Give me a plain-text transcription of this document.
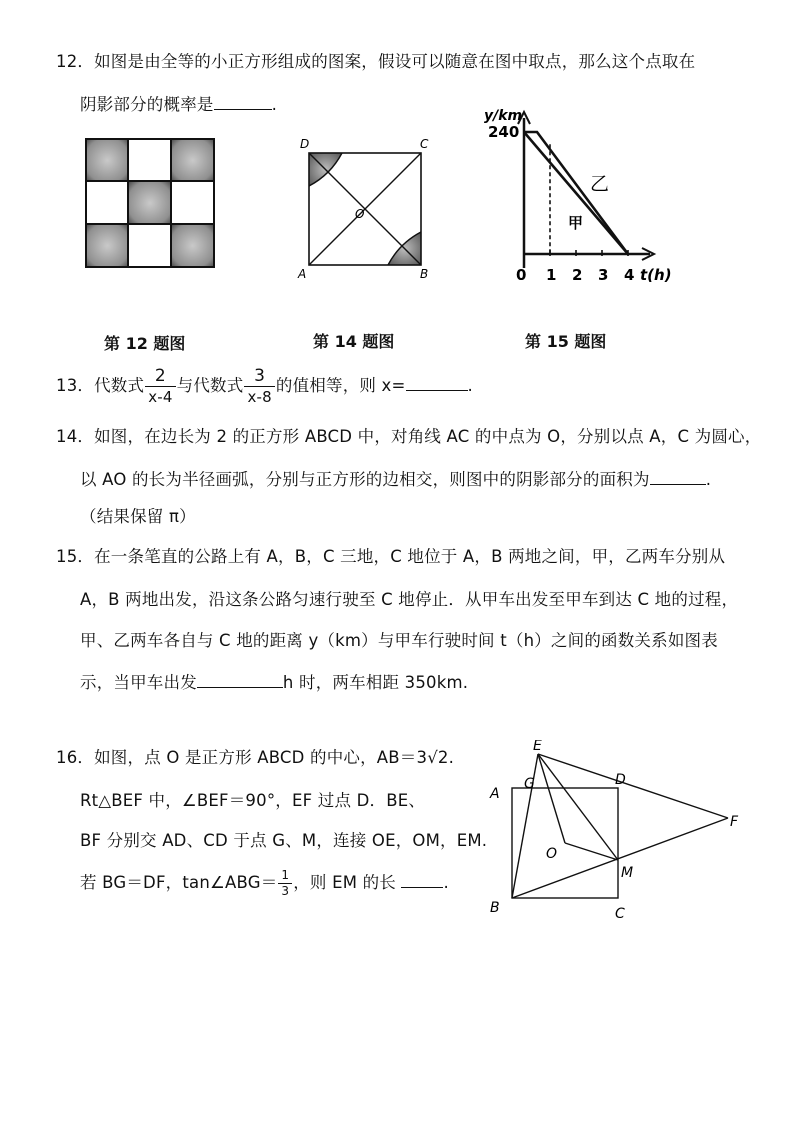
12．如图是由全等的小正方形组成的图案，假设可以随意在图中取点，那么这个点取在
阴影部分的概率是	.
第 12 题图
D	C
A	B
O
第 14 题图
0 1 2 3 4
240
y/km
t(h)
乙
甲
第 15 题图
13．代数式 $\frac{2}{x-4}$ 与代数式 $\frac{3}{x-8}$ 的值相等，则 x=	.
14．如图，在边长为 2 的正方形 ABCD 中，对角线 AC 的中点为 O，分别以点 A，C 为圆心，
以 AO 的长为半径画弧，分别与正方形的边相交，则图中的阴影部分的面积为	.
（结果保留 π）
15．在一条笔直的公路上有 A，B，C 三地，C 地位于 A，B 两地之间，甲，乙两车分别从
A，B 两地出发，沿这条公路匀速行驶至 C 地停止．从甲车出发至甲车到达 C 地的过程，
甲、乙两车各自与 C 地的距离 y（km）与甲车行驶时间 t（h）之间的函数关系如图表
示，当甲车出发	h 时，两车相距 350km.
16．如图，点 O 是正方形 ABCD 的中心，AB＝3√2.
Rt△BEF 中，∠BEF＝90°，EF 过点 D．BE、
BF 分别交 AD、CD 于点 G、M，连接 OE，OM，EM.
若 BG＝DF，tan∠ABG＝ $\frac{1}{3}$ ，则 EM 的长	.
E
G	D
A
F
O
M
B	C
